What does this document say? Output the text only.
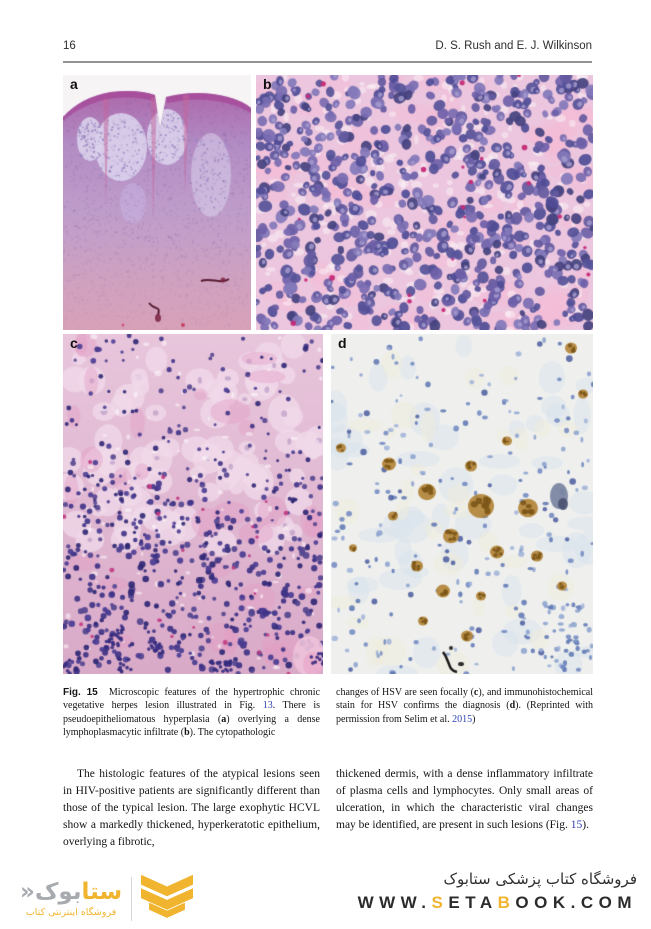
16	D. S. Rush and E. J. Wilkinson
a	b
c	d
Fig. 15 Microscopic features of the hypertrophic chronic vegetative herpes lesion illustrated in Fig. 13. There is pseudoepitheliomatous hyperplasia (a) overlying a dense lymphoplasmacytic infiltrate (b). The cytopathologic
changes of HSV are seen focally (c), and immunohistochemical stain for HSV confirms the diagnosis (d). (Reprinted with permission from Selim et al. 2015)
The histologic features of the atypical lesions seen in HIV-positive patients are significantly different than those of the typical lesion. The large exophytic HCVL show a markedly thickened, hyperkeratotic epithelium, overlying a fibrotic,
thickened dermis, with a dense inflammatory infiltrate of plasma cells and lymphocytes. Only small areas of ulceration, in which the characteristic viral changes may be identified, are present in such lesions (Fig. 15).
ستابوک«
فروشگاه اینترنتی کتاب
فروشگاه کتاب پزشکی ستابوک
WWW.SETABOOK.COM
